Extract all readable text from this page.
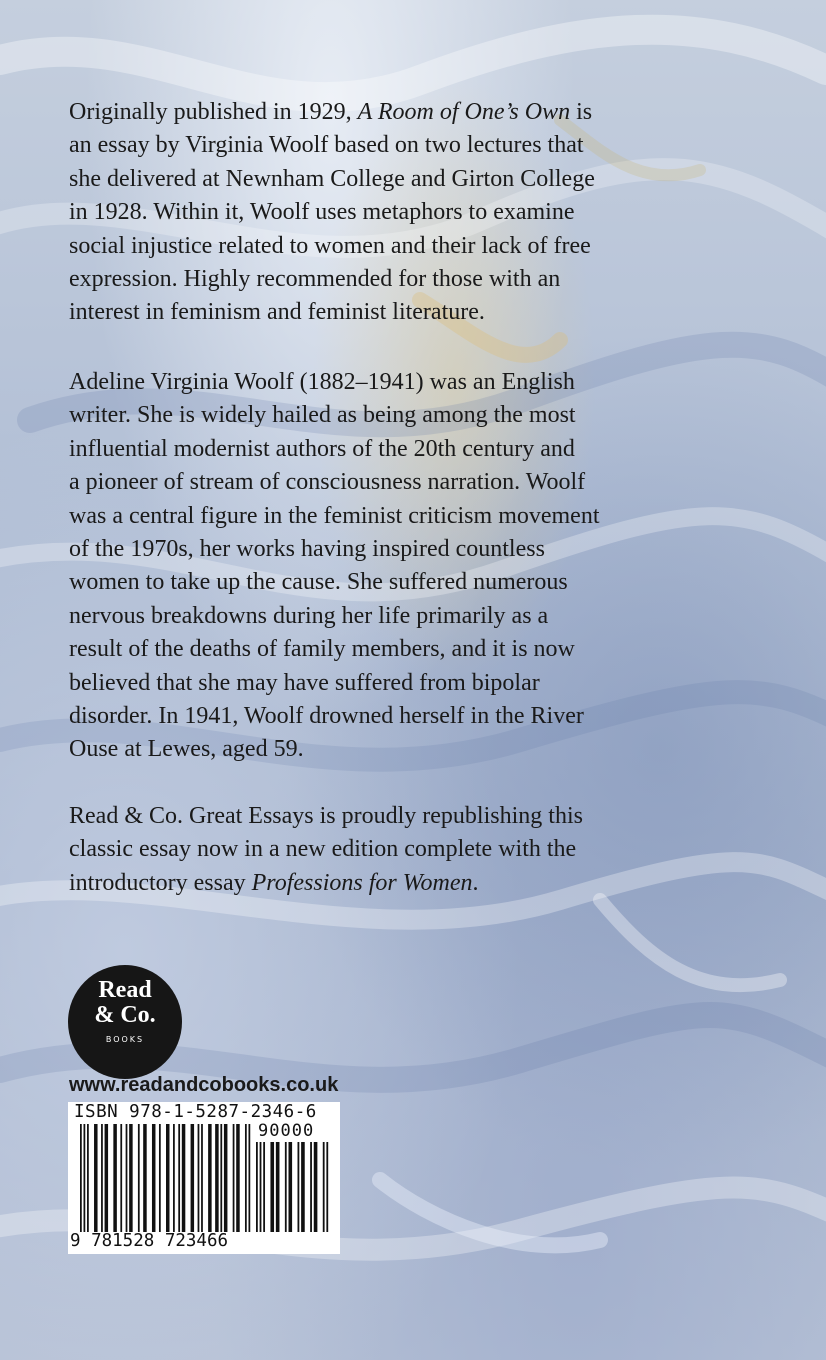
Originally published in 1929, A Room of One’s Own is
an essay by Virginia Woolf based on two lectures that
she delivered at Newnham College and Girton College
in 1928. Within it, Woolf uses metaphors to examine
social injustice related to women and their lack of free
expression. Highly recommended for those with an
interest in feminism and feminist literature.
Adeline Virginia Woolf (1882–1941) was an English
writer. She is widely hailed as being among the most
influential modernist authors of the 20th century and
a pioneer of stream of consciousness narration. Woolf
was a central figure in the feminist criticism movement
of the 1970s, her works having inspired countless
women to take up the cause. She suffered numerous
nervous breakdowns during her life primarily as a
result of the deaths of family members, and it is now
believed that she may have suffered from bipolar
disorder. In 1941, Woolf drowned herself in the River
Ouse at Lewes, aged 59.
Read & Co. Great Essays is proudly republishing this
classic essay now in a new edition complete with the
introductory essay Professions for Women.
Read
& Co.
BOOKS
www.readandcobooks.co.uk
ISBN 978-1-5287-2346-6
90000
9 781528 723466
